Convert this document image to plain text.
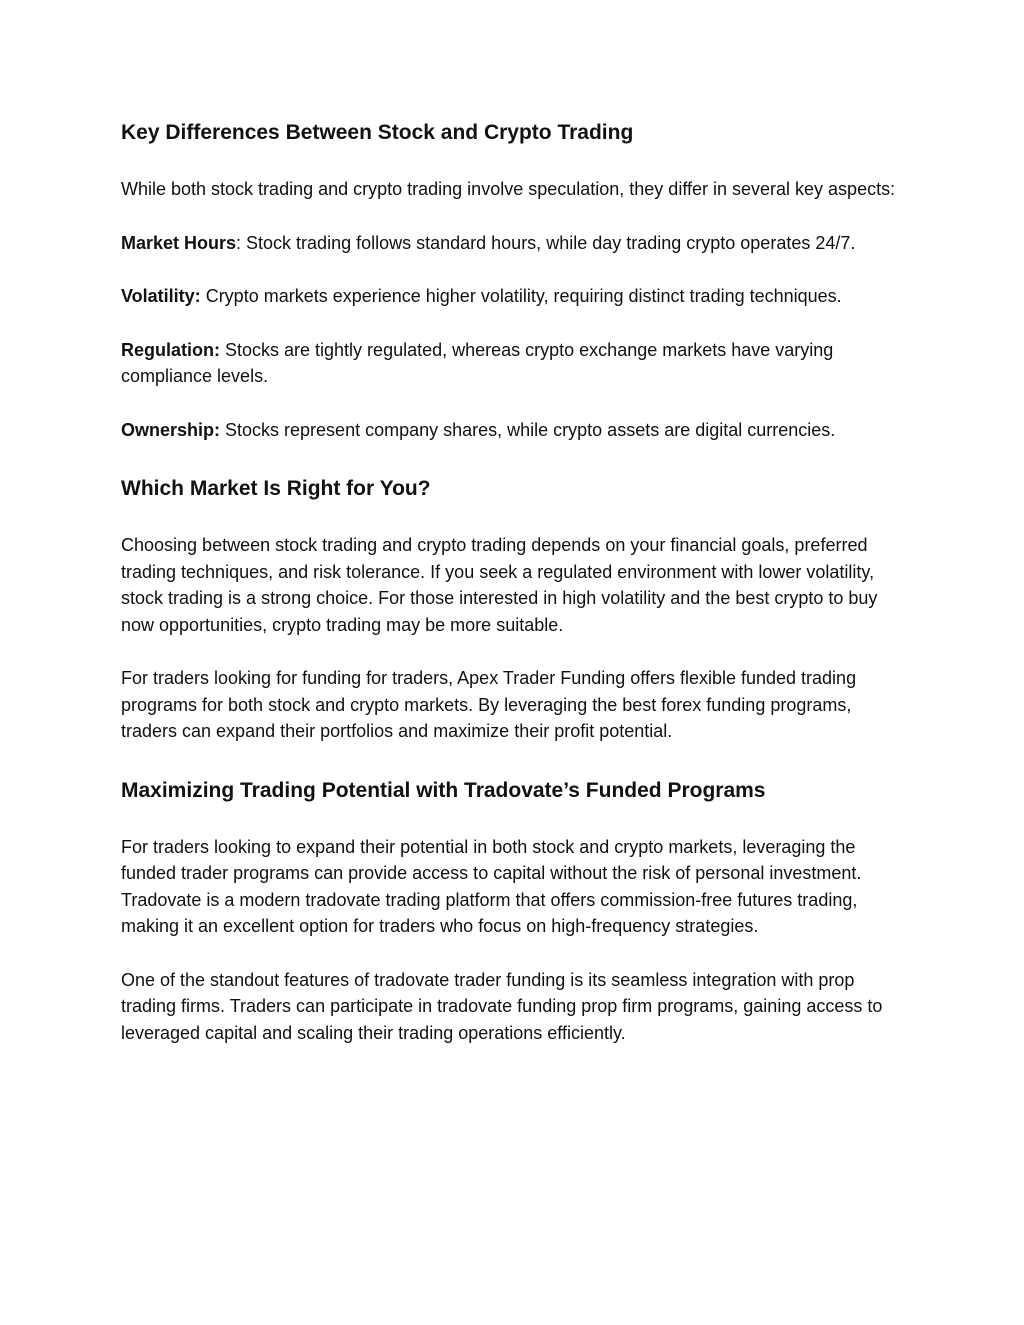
Key Differences Between Stock and Crypto Trading

While both stock trading and crypto trading involve speculation, they differ in several key aspects:

Market Hours: Stock trading follows standard hours, while day trading crypto operates 24/7.

Volatility: Crypto markets experience higher volatility, requiring distinct trading techniques.

Regulation: Stocks are tightly regulated, whereas crypto exchange markets have varying compliance levels.

Ownership: Stocks represent company shares, while crypto assets are digital currencies.

Which Market Is Right for You?

Choosing between stock trading and crypto trading depends on your financial goals, preferred trading techniques, and risk tolerance. If you seek a regulated environment with lower volatility, stock trading is a strong choice. For those interested in high volatility and the best crypto to buy now opportunities, crypto trading may be more suitable.

For traders looking for funding for traders, Apex Trader Funding offers flexible funded trading programs for both stock and crypto markets. By leveraging the best forex funding programs, traders can expand their portfolios and maximize their profit potential.

Maximizing Trading Potential with Tradovate’s Funded Programs

For traders looking to expand their potential in both stock and crypto markets, leveraging the funded trader programs can provide access to capital without the risk of personal investment. Tradovate is a modern tradovate trading platform that offers commission-free futures trading, making it an excellent option for traders who focus on high-frequency strategies.

One of the standout features of tradovate trader funding is its seamless integration with prop trading firms. Traders can participate in tradovate funding prop firm programs, gaining access to leveraged capital and scaling their trading operations efficiently.
